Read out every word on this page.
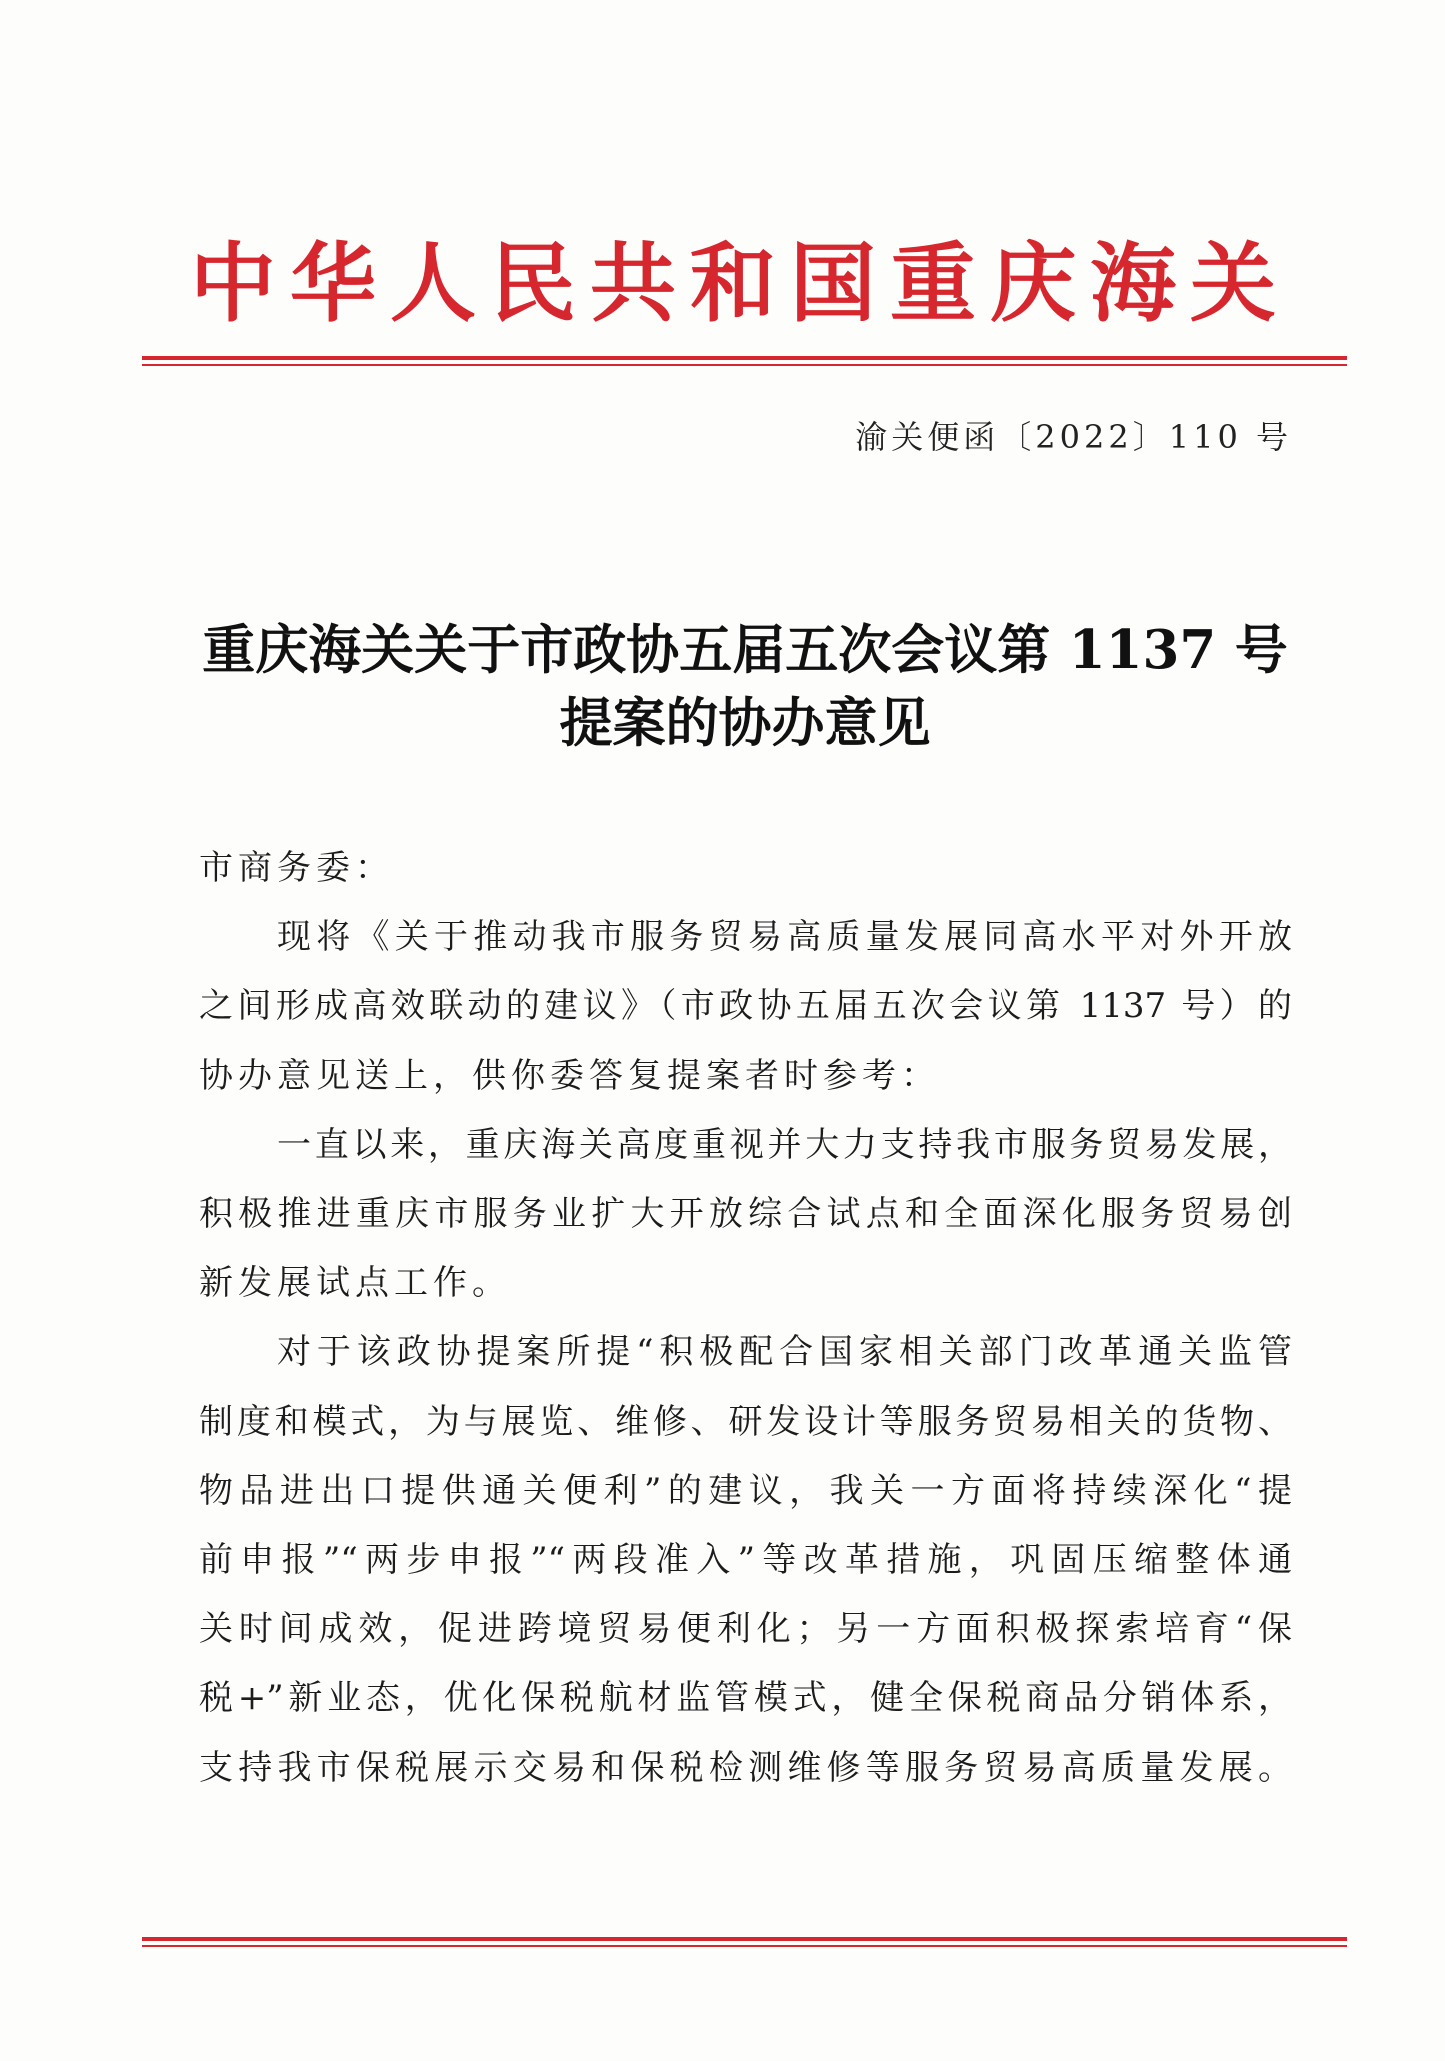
中华人民共和国重庆海关
渝关便函〔2022〕110 号
重庆海关关于市政协五届五次会议第 1137 号
提案的协办意见
市商务委：
现将《关于推动我市服务贸易高质量发展同高水平对外开放
之间形成高效联动的建议》（市政协五届五次会议第 1137 号）的
协办意见送上，供你委答复提案者时参考：
一直以来，重庆海关高度重视并大力支持我市服务贸易发展，
积极推进重庆市服务业扩大开放综合试点和全面深化服务贸易创
新发展试点工作。
对于该政协提案所提“积极配合国家相关部门改革通关监管
制度和模式，为与展览、维修、研发设计等服务贸易相关的货物、
物品进出口提供通关便利”的建议，我关一方面将持续深化“提
前申报”“两步申报”“两段准入”等改革措施，巩固压缩整体通
关时间成效，促进跨境贸易便利化；另一方面积极探索培育“保
税+”新业态，优化保税航材监管模式，健全保税商品分销体系，
支持我市保税展示交易和保税检测维修等服务贸易高质量发展。
